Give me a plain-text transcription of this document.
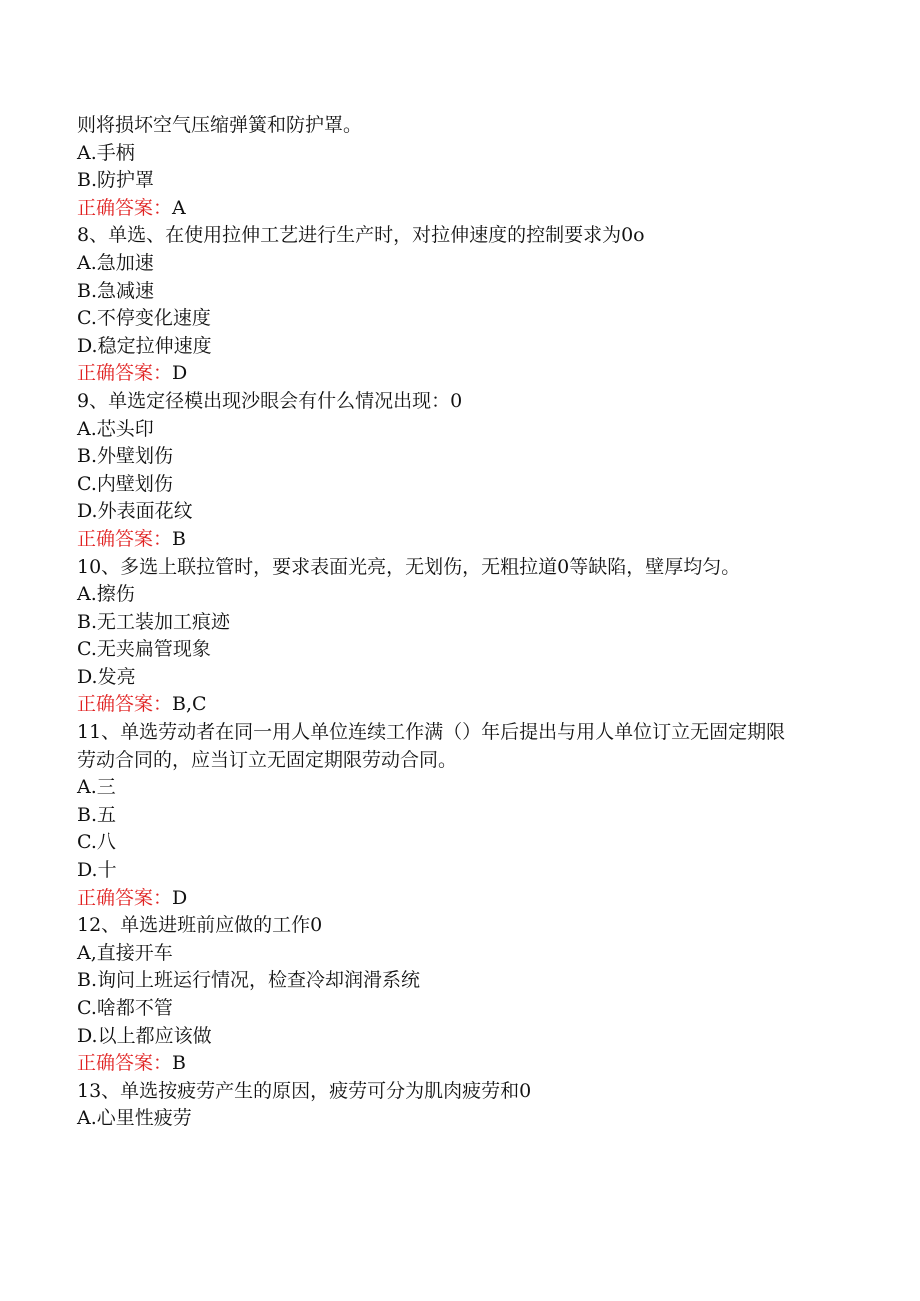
则将损坏空气压缩弹簧和防护罩。

A.手柄

B.防护罩

正确答案：A

8、单选、在使用拉伸工艺进行生产时，对拉伸速度的控制要求为0o

A.急加速

B.急减速

C.不停变化速度

D.稳定拉伸速度

正确答案：D

9、单选定径模出现沙眼会有什么情况出现：0

A.芯头印

B.外壁划伤

C.内壁划伤

D.外表面花纹

正确答案：B

10、多选上联拉管时，要求表面光亮，无划伤，无粗拉道0等缺陷，壁厚均匀。

A.擦伤

B.无工装加工痕迹

C.无夹扁管现象

D.发亮

正确答案：B,C

11、单选劳动者在同一用人单位连续工作满（）年后提出与用人单位订立无固定期限劳动合同的，应当订立无固定期限劳动合同。

A.三

B.五

C.八

D.十

正确答案：D

12、单选进班前应做的工作0

A,直接开车

B.询问上班运行情况，检查冷却润滑系统

C.啥都不管

D.以上都应该做

正确答案：B

13、单选按疲劳产生的原因，疲劳可分为肌肉疲劳和0

A.心里性疲劳
